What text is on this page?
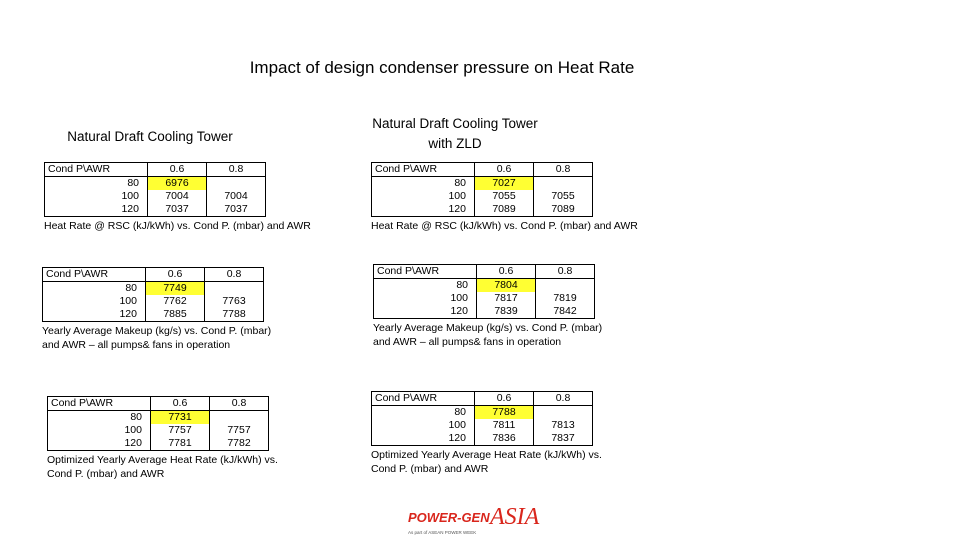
Impact of design condenser pressure on Heat Rate
Natural Draft Cooling Tower
Natural Draft Cooling Tower
with ZLD
Cond P\AWR	0.6	0.8
80	6976	
100	7004	7004
120	7037	7037
Heat Rate @ RSC (kJ/kWh) vs. Cond P. (mbar) and AWR
Cond P\AWR	0.6	0.8
80	7749	
100	7762	7763
120	7885	7788
Yearly Average Makeup (kg/s) vs. Cond P. (mbar)
and AWR – all pumps& fans in operation
Cond P\AWR	0.6	0.8
80	7731	
100	7757	7757
120	7781	7782
Optimized Yearly Average Heat Rate (kJ/kWh) vs.
Cond P. (mbar) and AWR
Cond P\AWR	0.6	0.8
80	7027	
100	7055	7055
120	7089	7089
Heat Rate @ RSC (kJ/kWh) vs. Cond P. (mbar) and AWR
Cond P\AWR	0.6	0.8
80	7804	
100	7817	7819
120	7839	7842
Yearly Average Makeup (kg/s) vs. Cond P. (mbar)
and AWR – all pumps& fans in operation
Cond P\AWR	0.6	0.8
80	7788	
100	7811	7813
120	7836	7837
Optimized Yearly Average Heat Rate (kJ/kWh) vs.
Cond P. (mbar) and AWR
POWER-GEN ASIA
As part of ASEAN POWER WEEK
